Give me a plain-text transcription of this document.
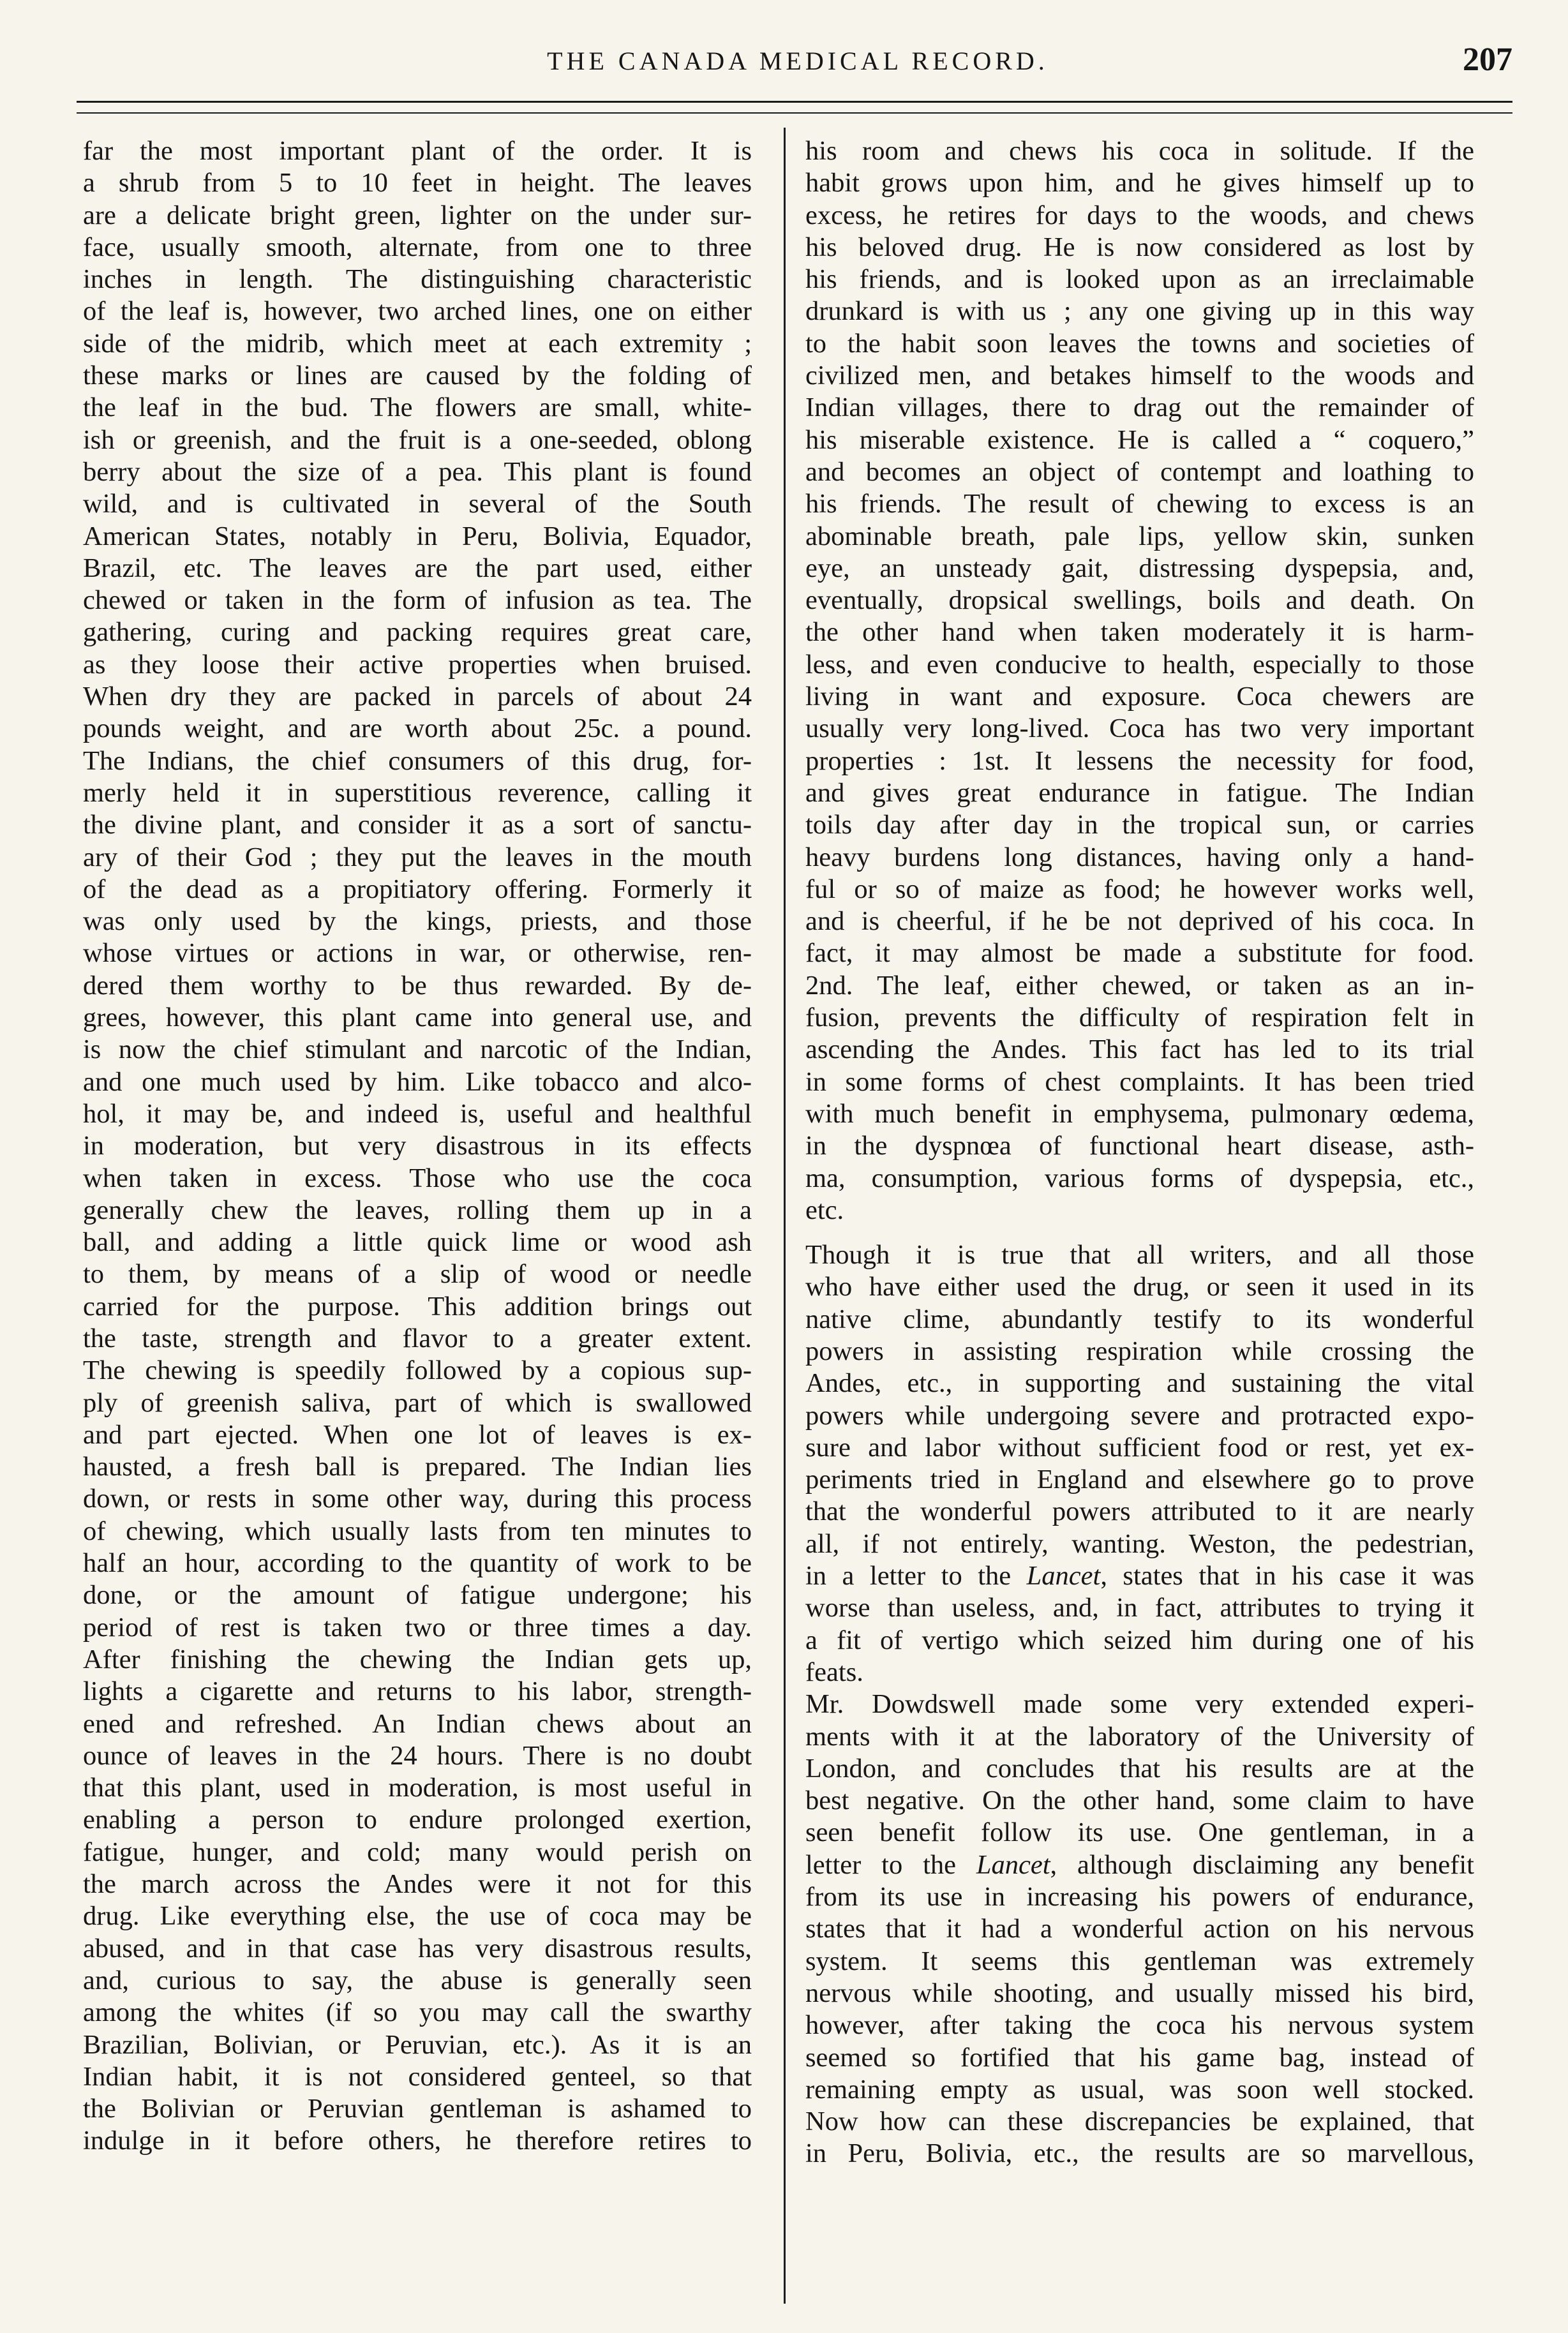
THE CANADA MEDICAL RECORD.	207
far the most important plant of the order. It is
a shrub from 5 to 10 feet in height. The leaves
are a delicate bright green, lighter on the under sur-
face, usually smooth, alternate, from one to three
inches in length. The distinguishing characteristic
of the leaf is, however, two arched lines, one on either
side of the midrib, which meet at each extremity ;
these marks or lines are caused by the folding of
the leaf in the bud. The flowers are small, white-
ish or greenish, and the fruit is a one-seeded, oblong
berry about the size of a pea. This plant is found
wild, and is cultivated in several of the South
American States, notably in Peru, Bolivia, Equador,
Brazil, etc. The leaves are the part used, either
chewed or taken in the form of infusion as tea. The
gathering, curing and packing requires great care,
as they loose their active properties when bruised.
When dry they are packed in parcels of about 24
pounds weight, and are worth about 25c. a pound.
The Indians, the chief consumers of this drug, for-
merly held it in superstitious reverence, calling it
the divine plant, and consider it as a sort of sanctu-
ary of their God ; they put the leaves in the mouth
of the dead as a propitiatory offering. Formerly it
was only used by the kings, priests, and those
whose virtues or actions in war, or otherwise, ren-
dered them worthy to be thus rewarded. By de-
grees, however, this plant came into general use, and
is now the chief stimulant and narcotic of the Indian,
and one much used by him. Like tobacco and alco-
hol, it may be, and indeed is, useful and healthful
in moderation, but very disastrous in its effects
when taken in excess. Those who use the coca
generally chew the leaves, rolling them up in a
ball, and adding a little quick lime or wood ash
to them, by means of a slip of wood or needle
carried for the purpose. This addition brings out
the taste, strength and flavor to a greater extent.
The chewing is speedily followed by a copious sup-
ply of greenish saliva, part of which is swallowed
and part ejected. When one lot of leaves is ex-
hausted, a fresh ball is prepared. The Indian lies
down, or rests in some other way, during this process
of chewing, which usually lasts from ten minutes to
half an hour, according to the quantity of work to be
done, or the amount of fatigue undergone; his
period of rest is taken two or three times a day.
After finishing the chewing the Indian gets up,
lights a cigarette and returns to his labor, strength-
ened and refreshed. An Indian chews about an
ounce of leaves in the 24 hours. There is no doubt
that this plant, used in moderation, is most useful in
enabling a person to endure prolonged exertion,
fatigue, hunger, and cold; many would perish on
the march across the Andes were it not for this
drug. Like everything else, the use of coca may be
abused, and in that case has very disastrous results,
and, curious to say, the abuse is generally seen
among the whites (if so you may call the swarthy
Brazilian, Bolivian, or Peruvian, etc.). As it is an
Indian habit, it is not considered genteel, so that
the Bolivian or Peruvian gentleman is ashamed to
indulge in it before others, he therefore retires to
his room and chews his coca in solitude. If the
habit grows upon him, and he gives himself up to
excess, he retires for days to the woods, and chews
his beloved drug. He is now considered as lost by
his friends, and is looked upon as an irreclaimable
drunkard is with us ; any one giving up in this way
to the habit soon leaves the towns and societies of
civilized men, and betakes himself to the woods and
Indian villages, there to drag out the remainder of
his miserable existence. He is called a “ coquero,”
and becomes an object of contempt and loathing to
his friends. The result of chewing to excess is an
abominable breath, pale lips, yellow skin, sunken
eye, an unsteady gait, distressing dyspepsia, and,
eventually, dropsical swellings, boils and death. On
the other hand when taken moderately it is harm-
less, and even conducive to health, especially to those
living in want and exposure. Coca chewers are
usually very long-lived. Coca has two very important
properties : 1st. It lessens the necessity for food,
and gives great endurance in fatigue. The Indian
toils day after day in the tropical sun, or carries
heavy burdens long distances, having only a hand-
ful or so of maize as food; he however works well,
and is cheerful, if he be not deprived of his coca. In
fact, it may almost be made a substitute for food.
2nd. The leaf, either chewed, or taken as an in-
fusion, prevents the difficulty of respiration felt in
ascending the Andes. This fact has led to its trial
in some forms of chest complaints. It has been tried
with much benefit in emphysema, pulmonary œdema,
in the dyspnœa of functional heart disease, asth-
ma, consumption, various forms of dyspepsia, etc.,
etc.
Though it is true that all writers, and all those
who have either used the drug, or seen it used in its
native clime, abundantly testify to its wonderful
powers in assisting respiration while crossing the
Andes, etc., in supporting and sustaining the vital
powers while undergoing severe and protracted expo-
sure and labor without sufficient food or rest, yet ex-
periments tried in England and elsewhere go to prove
that the wonderful powers attributed to it are nearly
all, if not entirely, wanting. Weston, the pedestrian,
in a letter to the Lancet, states that in his case it was
worse than useless, and, in fact, attributes to trying it
a fit of vertigo which seized him during one of his
feats.
Mr. Dowdswell made some very extended experi-
ments with it at the laboratory of the University of
London, and concludes that his results are at the
best negative. On the other hand, some claim to have
seen benefit follow its use. One gentleman, in a
letter to the Lancet, although disclaiming any benefit
from its use in increasing his powers of endurance,
states that it had a wonderful action on his nervous
system. It seems this gentleman was extremely
nervous while shooting, and usually missed his bird,
however, after taking the coca his nervous system
seemed so fortified that his game bag, instead of
remaining empty as usual, was soon well stocked.
Now how can these discrepancies be explained, that
in Peru, Bolivia, etc., the results are so marvellous,
